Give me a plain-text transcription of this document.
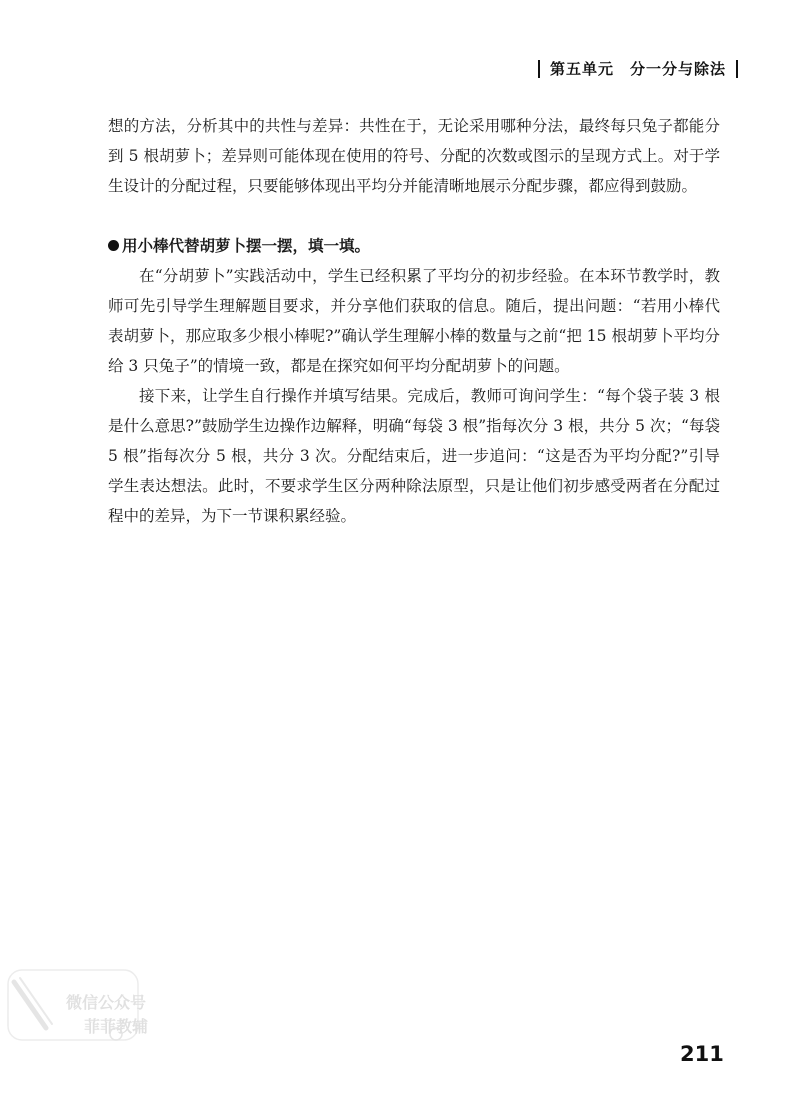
第五单元 分一分与除法

想的方法，分析其中的共性与差异：共性在于，无论采用哪种分法，最终每只兔子都能分到 5 根胡萝卜；差异则可能体现在使用的符号、分配的次数或图示的呈现方式上。对于学生设计的分配过程，只要能够体现出平均分并能清晰地展示分配步骤，都应得到鼓励。

用小棒代替胡萝卜摆一摆，填一填。

在“分胡萝卜”实践活动中，学生已经积累了平均分的初步经验。在本环节教学时，教师可先引导学生理解题目要求，并分享他们获取的信息。随后，提出问题：“若用小棒代表胡萝卜，那应取多少根小棒呢?”确认学生理解小棒的数量与之前“把 15 根胡萝卜平均分给 3 只兔子”的情境一致，都是在探究如何平均分配胡萝卜的问题。

接下来，让学生自行操作并填写结果。完成后，教师可询问学生：“每个袋子装 3 根是什么意思?”鼓励学生边操作边解释，明确“每袋 3 根”指每次分 3 根，共分 5 次；“每袋 5 根”指每次分 5 根，共分 3 次。分配结束后，进一步追问：“这是否为平均分配?”引导学生表达想法。此时，不要求学生区分两种除法原型，只是让他们初步感受两者在分配过程中的差异，为下一节课积累经验。

微信公众号
菲菲教辅
211
